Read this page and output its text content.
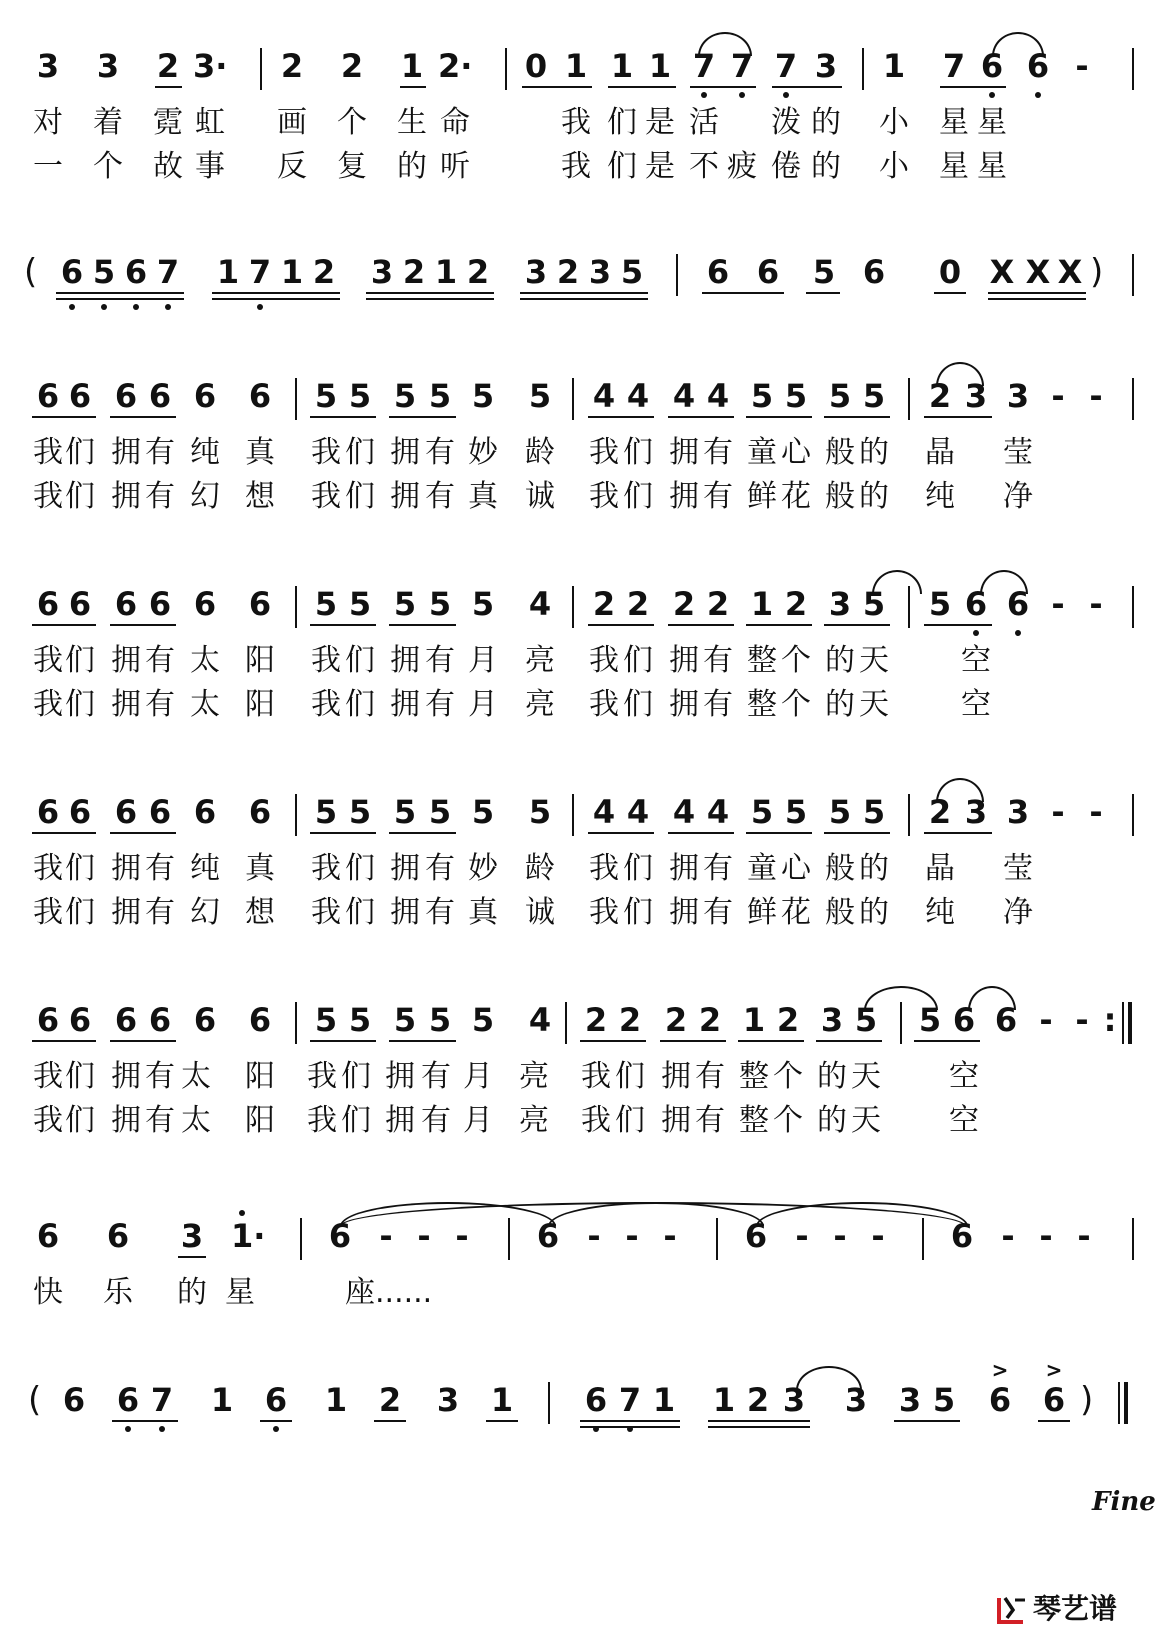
3 3 2 3· 2 2 1 2· 0 1 1 1 7 7 7 3 1 7 6 6 -
对 着 霓 虹 画 个 生 命	我 们 是 活 泼 的 小 星 星
一 个 故 事 反 复 的 听	我 们 是 不 疲 倦 的 小 星 星
(	)
6 5 6 7 1 7 1 2 3 2 1 2 3 2 3 5 6 6 5 6 0 X X X
6 6 6 6 6 6 5 5 5 5 5 5 4 4 4 4 5 5 5 5 2 3 3 - -
我 们 拥 有 纯 真 我 们 拥 有 妙 龄 我 们 拥 有 童 心 般 的 晶 莹
我 们 拥 有 幻 想 我 们 拥 有 真 诚 我 们 拥 有 鲜 花 般 的 纯 净
6 6 6 6 6 6 5 5 5 5 5 4 2 2 2 2 1 2 3 5 5 6 6 - -
我 们 拥 有 太 阳 我 们 拥 有 月 亮 我 们 拥 有 整 个 的 天 空
我 们 拥 有 太 阳 我 们 拥 有 月 亮 我 们 拥 有 整 个 的 天 空
6 6 6 6 6 6 5 5 5 5 5 5 4 4 4 4 5 5 5 5 2 3 3 - -
我 们 拥 有 纯 真 我 们 拥 有 妙 龄 我 们 拥 有 童 心 般 的 晶 莹
我 们 拥 有 幻 想 我 们 拥 有 真 诚 我 们 拥 有 鲜 花 般 的 纯 净
6 6 6 6 6 6 5 5 5 5 5 4 2 2 2 2 1 2 3 5 5 6 6 - - :
我 们 拥 有 太 阳 我 们 拥 有 月 亮 我 们 拥 有 整 个 的 天 空
我 们 拥 有 太 阳 我 们 拥 有 月 亮 我 们 拥 有 整 个 的 天 空
6 6 3 1· 6 - - -	6 - - -	6 - - -	6 - - -
快 乐 的 星	座......
(	)
6 6 7 1 6 1 2 3 1 6 7 1 1 2 3 3 3 5 6 6
> >
Fine
琴艺谱
